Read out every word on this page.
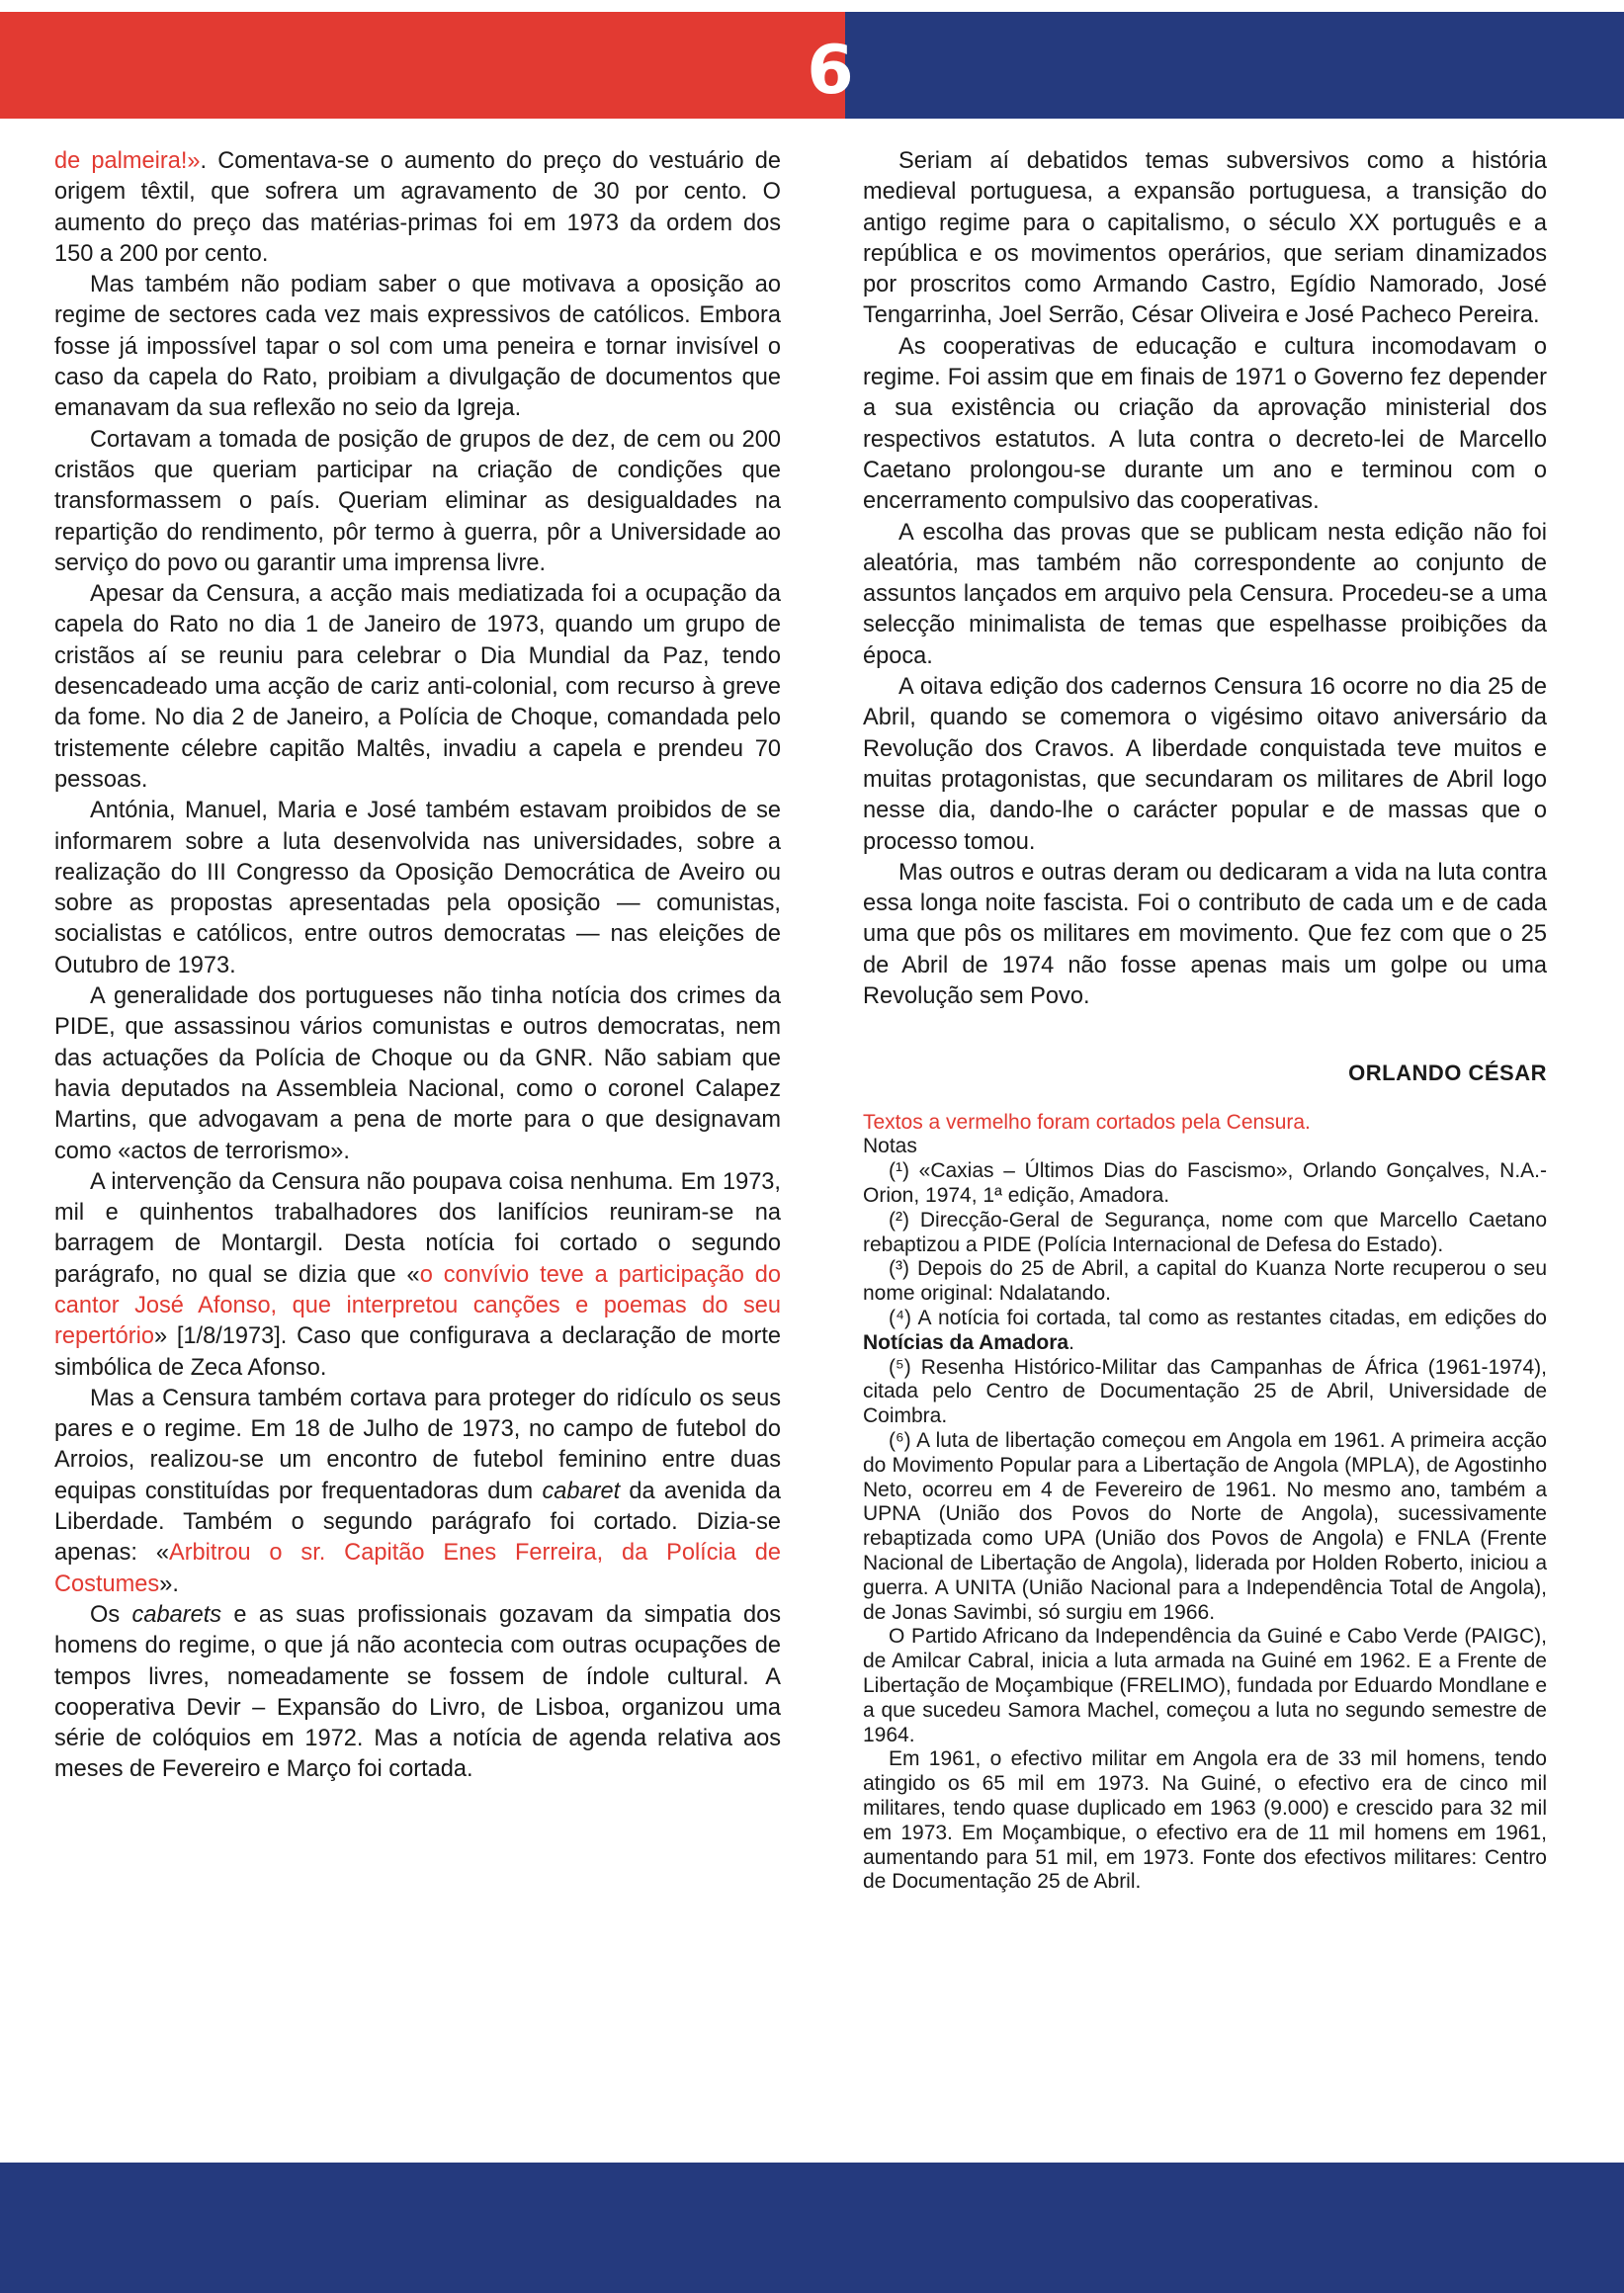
6

de palmeira!». Comentava-se o aumento do preço do vestuário de origem têxtil, que sofrera um agravamento de 30 por cento. O aumento do preço das matérias-primas foi em 1973 da ordem dos 150 a 200 por cento.

Mas também não podiam saber o que motivava a oposição ao regime de sectores cada vez mais expressivos de católicos. Embora fosse já impossível tapar o sol com uma peneira e tornar invisível o caso da capela do Rato, proibiam a divulgação de documentos que emanavam da sua reflexão no seio da Igreja.

Cortavam a tomada de posição de grupos de dez, de cem ou 200 cristãos que queriam participar na criação de condições que transformassem o país. Queriam eliminar as desigualdades na repartição do rendimento, pôr termo à guerra, pôr a Universidade ao serviço do povo ou garantir uma imprensa livre.

Apesar da Censura, a acção mais mediatizada foi a ocupação da capela do Rato no dia 1 de Janeiro de 1973, quando um grupo de cristãos aí se reuniu para celebrar o Dia Mundial da Paz, tendo desencadeado uma acção de cariz anti-colonial, com recurso à greve da fome. No dia 2 de Janeiro, a Polícia de Choque, comandada pelo tristemente célebre capitão Maltês, invadiu a capela e prendeu 70 pessoas.

Antónia, Manuel, Maria e José também estavam proibidos de se informarem sobre a luta desenvolvida nas universidades, sobre a realização do III Congresso da Oposição Democrática de Aveiro ou sobre as propostas apresentadas pela oposição — comunistas, socialistas e católicos, entre outros democratas — nas eleições de Outubro de 1973.

A generalidade dos portugueses não tinha notícia dos crimes da PIDE, que assassinou vários comunistas e outros democratas, nem das actuações da Polícia de Choque ou da GNR. Não sabiam que havia deputados na Assembleia Nacional, como o coronel Calapez Martins, que advogavam a pena de morte para o que designavam como «actos de terrorismo».

A intervenção da Censura não poupava coisa nenhuma. Em 1973, mil e quinhentos trabalhadores dos lanifícios reuniram-se na barragem de Montargil. Desta notícia foi cortado o segundo parágrafo, no qual se dizia que «o convívio teve a participação do cantor José Afonso, que interpretou canções e poemas do seu repertório» [1/8/1973]. Caso que configurava a declaração de morte simbólica de Zeca Afonso.

Mas a Censura também cortava para proteger do ridículo os seus pares e o regime. Em 18 de Julho de 1973, no campo de futebol do Arroios, realizou-se um encontro de futebol feminino entre duas equipas constituídas por frequentadoras dum cabaret da avenida da Liberdade. Também o segundo parágrafo foi cortado. Dizia-se apenas: «Arbitrou o sr. Capitão Enes Ferreira, da Polícia de Costumes».

Os cabarets e as suas profissionais gozavam da simpatia dos homens do regime, o que já não acontecia com outras ocupações de tempos livres, nomeadamente se fossem de índole cultural. A cooperativa Devir – Expansão do Livro, de Lisboa, organizou uma série de colóquios em 1972. Mas a notícia de agenda relativa aos meses de Fevereiro e Março foi cortada.

Seriam aí debatidos temas subversivos como a história medieval portuguesa, a expansão portuguesa, a transição do antigo regime para o capitalismo, o século XX português e a república e os movimentos operários, que seriam dinamizados por proscritos como Armando Castro, Egídio Namorado, José Tengarrinha, Joel Serrão, César Oliveira e José Pacheco Pereira.

As cooperativas de educação e cultura incomodavam o regime. Foi assim que em finais de 1971 o Governo fez depender a sua existência ou criação da aprovação ministerial dos respectivos estatutos. A luta contra o decreto-lei de Marcello Caetano prolongou-se durante um ano e terminou com o encerramento compulsivo das cooperativas.

A escolha das provas que se publicam nesta edição não foi aleatória, mas também não correspondente ao conjunto de assuntos lançados em arquivo pela Censura. Procedeu-se a uma selecção minimalista de temas que espelhasse proibições da época.

A oitava edição dos cadernos Censura 16 ocorre no dia 25 de Abril, quando se comemora o vigésimo oitavo aniversário da Revolução dos Cravos. A liberdade conquistada teve muitos e muitas protagonistas, que secundaram os militares de Abril logo nesse dia, dando-lhe o carácter popular e de massas que o processo tomou.

Mas outros e outras deram ou dedicaram a vida na luta contra essa longa noite fascista. Foi o contributo de cada um e de cada uma que pôs os militares em movimento. Que fez com que o 25 de Abril de 1974 não fosse apenas mais um golpe ou uma Revolução sem Povo.

ORLANDO CÉSAR

Textos a vermelho foram cortados pela Censura.

Notas

(¹) «Caxias – Últimos Dias do Fascismo», Orlando Gonçalves, N.A.-Orion, 1974, 1ª edição, Amadora.

(²) Direcção-Geral de Segurança, nome com que Marcello Caetano rebaptizou a PIDE (Polícia Internacional de Defesa do Estado).

(³) Depois do 25 de Abril, a capital do Kuanza Norte recuperou o seu nome original: Ndalatando.

(⁴) A notícia foi cortada, tal como as restantes citadas, em edições do Notícias da Amadora.

(⁵) Resenha Histórico-Militar das Campanhas de África (1961-1974), citada pelo Centro de Documentação 25 de Abril, Universidade de Coimbra.

(⁶) A luta de libertação começou em Angola em 1961. A primeira acção do Movimento Popular para a Libertação de Angola (MPLA), de Agostinho Neto, ocorreu em 4 de Fevereiro de 1961. No mesmo ano, também a UPNA (União dos Povos do Norte de Angola), sucessivamente rebaptizada como UPA (União dos Povos de Angola) e FNLA (Frente Nacional de Libertação de Angola), liderada por Holden Roberto, iniciou a guerra. A UNITA (União Nacional para a Independência Total de Angola), de Jonas Savimbi, só surgiu em 1966.

O Partido Africano da Independência da Guiné e Cabo Verde (PAIGC), de Amilcar Cabral, inicia a luta armada na Guiné em 1962. E a Frente de Libertação de Moçambique (FRELIMO), fundada por Eduardo Mondlane e a que sucedeu Samora Machel, começou a luta no segundo semestre de 1964.

Em 1961, o efectivo militar em Angola era de 33 mil homens, tendo atingido os 65 mil em 1973. Na Guiné, o efectivo era de cinco mil militares, tendo quase duplicado em 1963 (9.000) e crescido para 32 mil em 1973. Em Moçambique, o efectivo era de 11 mil homens em 1961, aumentando para 51 mil, em 1973. Fonte dos efectivos militares: Centro de Documentação 25 de Abril.
